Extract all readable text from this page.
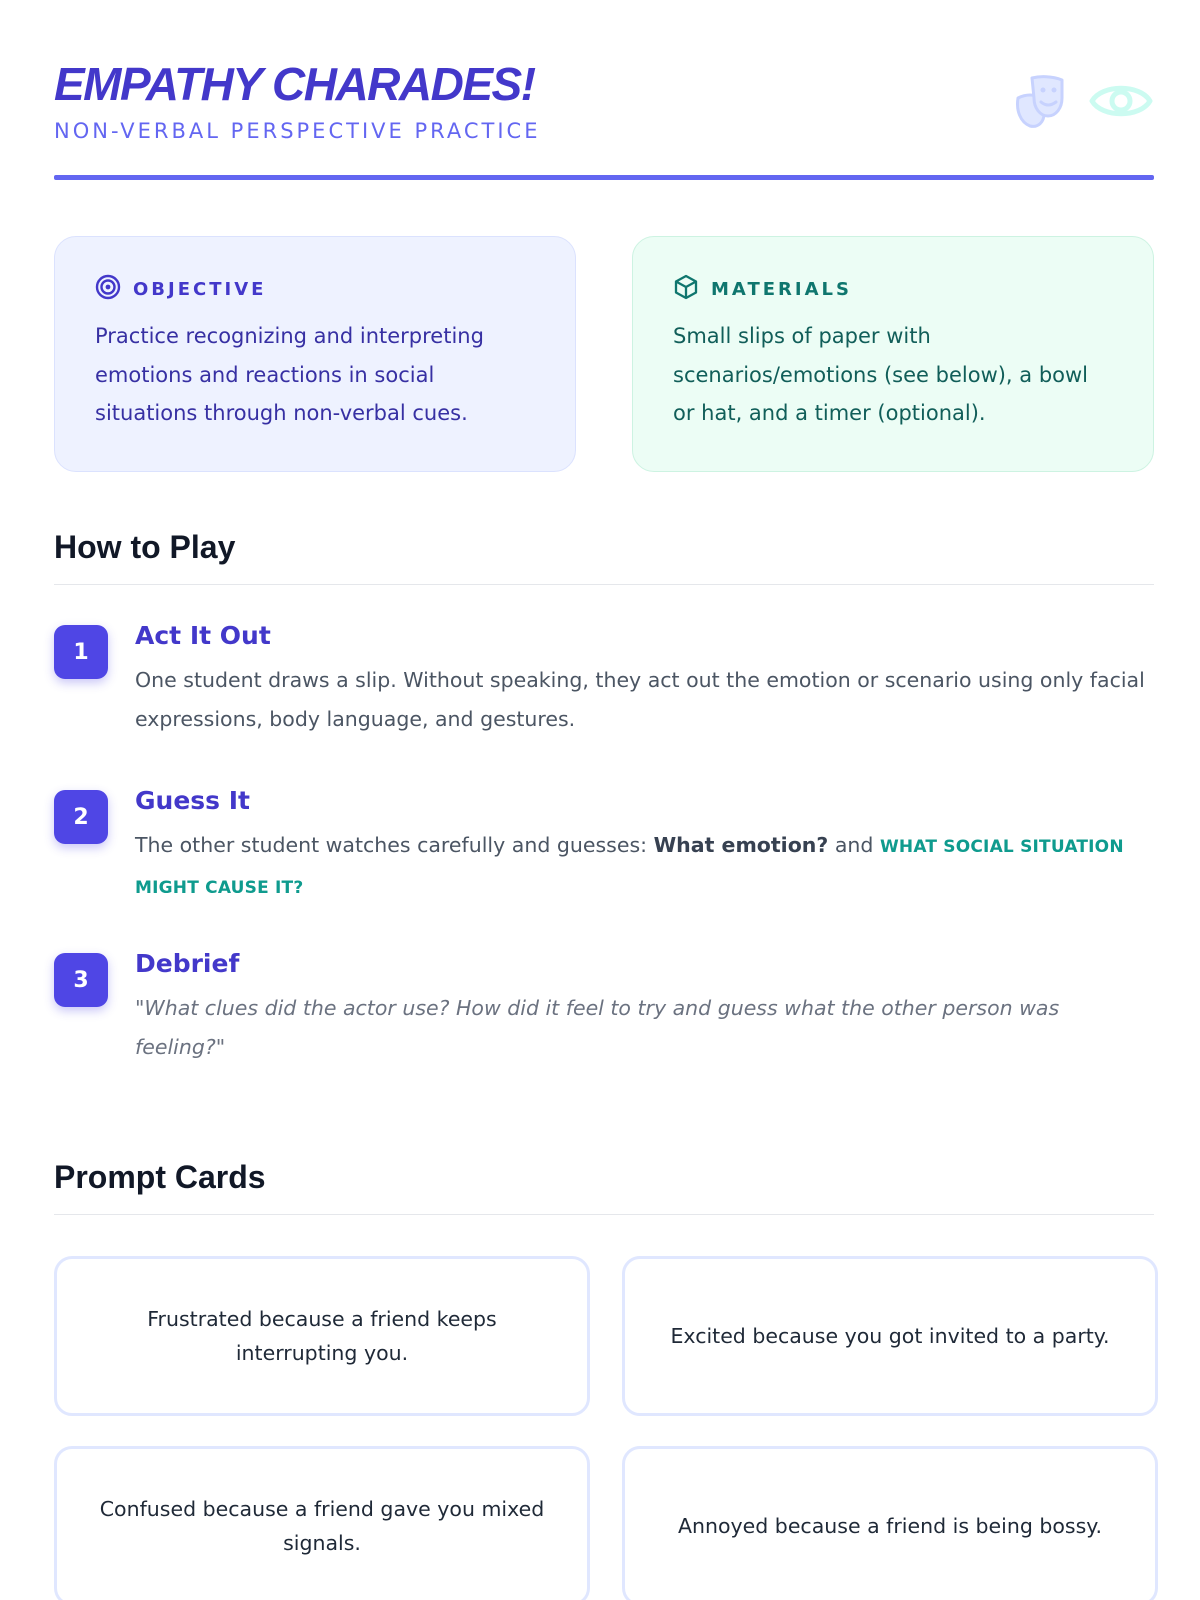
EMPATHY CHARADES!
NON-VERBAL PERSPECTIVE PRACTICE
OBJECTIVE
Practice recognizing and interpreting emotions and reactions in social situations through non-verbal cues.
MATERIALS
Small slips of paper with scenarios/emotions (see below), a bowl or hat, and a timer (optional).
How to Play
1
Act It Out
One student draws a slip. Without speaking, they act out the emotion or scenario using only facial expressions, body language, and gestures.
2
Guess It
The other student watches carefully and guesses: What emotion? and WHAT SOCIAL SITUATION MIGHT CAUSE IT?
3
Debrief
"What clues did the actor use? How did it feel to try and guess what the other person was feeling?"
Prompt Cards
Frustrated because a friend keeps interrupting you.
Excited because you got invited to a party.
Confused because a friend gave you mixed signals.
Annoyed because a friend is being bossy.
